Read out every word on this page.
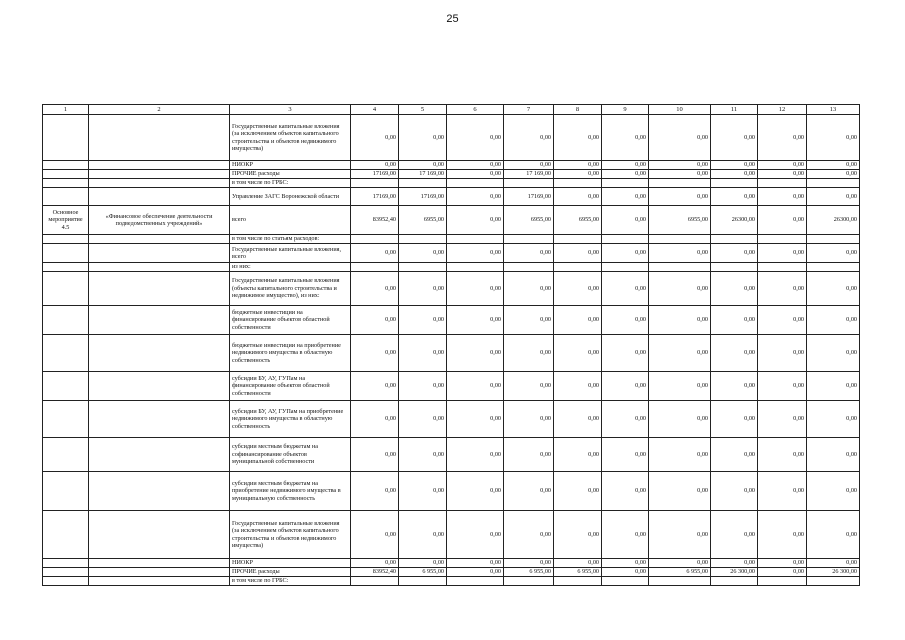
25
1	2	3	4	5	6	7	8	9	10	11	12	13
		Государственные капитальные вложения (за исключением объектов капитального строительства и объектов недвижимого имущества)	0,00	0,00	0,00	0,00	0,00	0,00	0,00	0,00	0,00	0,00
		НИОКР	0,00	0,00	0,00	0,00	0,00	0,00	0,00	0,00	0,00	0,00
		ПРОЧИЕ расходы	17169,00	17 169,00	0,00	17 169,00	0,00	0,00	0,00	0,00	0,00	0,00
		в том числе по ГРБС:										
		Управление ЗАГС Воронежской области	17169,00	17169,00	0,00	17169,00	0,00	0,00	0,00	0,00	0,00	0,00
Основное мероприятие 4.5	«Финансовое обеспечение деятельности подведомственных учреждений»	всего	83952,40	6955,00	0,00	6955,00	6955,00	0,00	6955,00	26300,00	0,00	26300,00
		в том числе по статьям расходов:										
		Государственные капитальные вложения, всего	0,00	0,00	0,00	0,00	0,00	0,00	0,00	0,00	0,00	0,00
		из них:										
		Государственные капитальные вложения (объекты капитального строительства и недвижимое имущество), из них:	0,00	0,00	0,00	0,00	0,00	0,00	0,00	0,00	0,00	0,00
		бюджетные инвестиции на финансирование объектов областной собственности	0,00	0,00	0,00	0,00	0,00	0,00	0,00	0,00	0,00	0,00
		бюджетные инвестиции на приобретение недвижимого имущества в областную собственность	0,00	0,00	0,00	0,00	0,00	0,00	0,00	0,00	0,00	0,00
		субсидии БУ, АУ, ГУПам на финансирование объектов областной собственности	0,00	0,00	0,00	0,00	0,00	0,00	0,00	0,00	0,00	0,00
		субсидии БУ, АУ, ГУПам на приобретение недвижимого имущества в областную собственность	0,00	0,00	0,00	0,00	0,00	0,00	0,00	0,00	0,00	0,00
		субсидии местным бюджетам на софинансирование объектов муниципальной собственности	0,00	0,00	0,00	0,00	0,00	0,00	0,00	0,00	0,00	0,00
		субсидии местным бюджетам на приобретение недвижимого имущества в муниципальную собственность	0,00	0,00	0,00	0,00	0,00	0,00	0,00	0,00	0,00	0,00
		Государственные капитальные вложения (за исключением объектов капитального строительства и объектов недвижимого имущества)	0,00	0,00	0,00	0,00	0,00	0,00	0,00	0,00	0,00	0,00
		НИОКР	0,00	0,00	0,00	0,00	0,00	0,00	0,00	0,00	0,00	0,00
		ПРОЧИЕ расходы	83952,40	6 955,00	0,00	6 955,00	6 955,00	0,00	6 955,00	26 300,00	0,00	26 300,00
		в том числе по ГРБС:										
